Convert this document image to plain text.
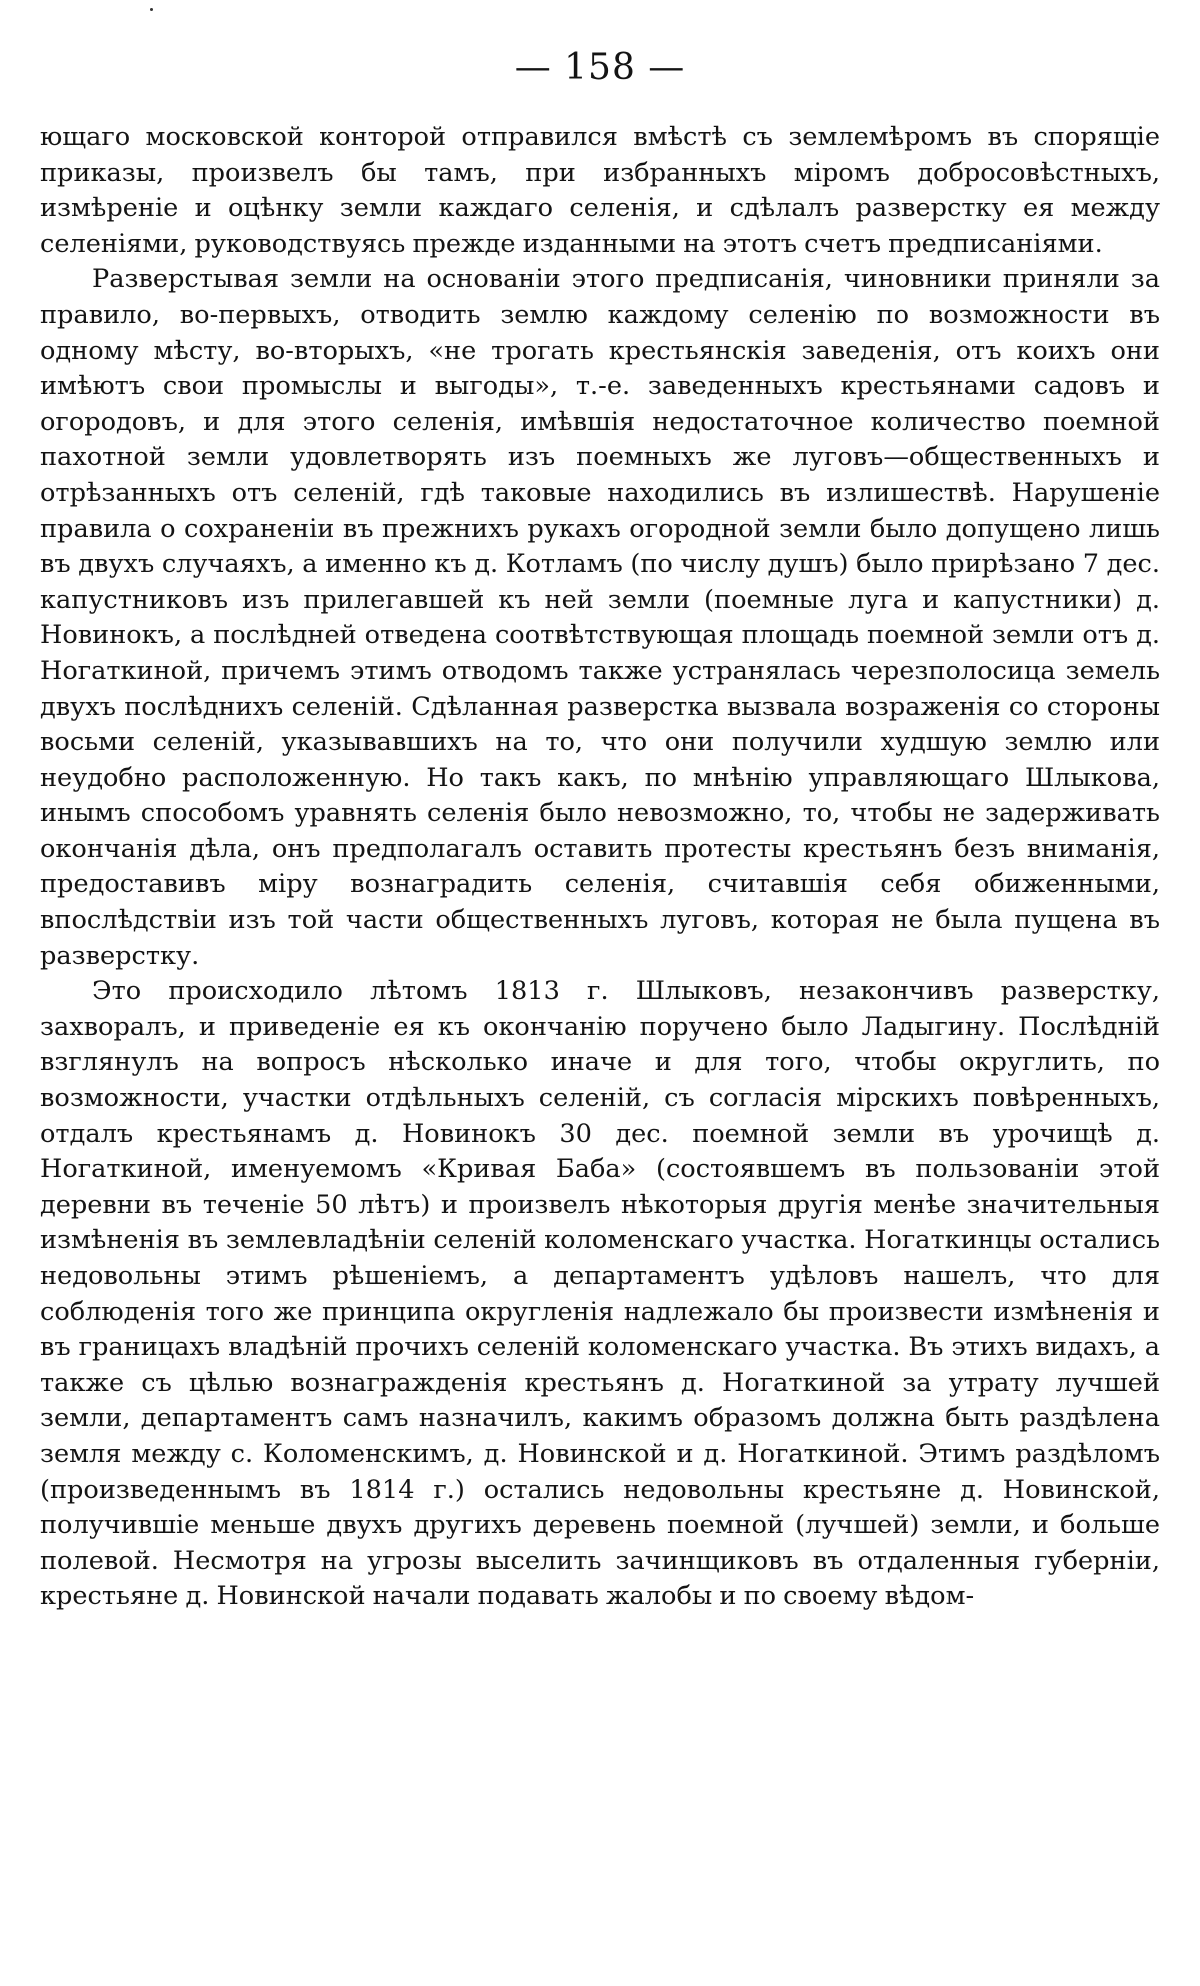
— 158 —

ющаго московской конторой отправился вмѣстѣ съ землемѣромъ въ спорящіе приказы, произвелъ бы тамъ, при избранныхъ міромъ добросовѣстныхъ, измѣреніе и оцѣнку земли каждаго селенія, и сдѣлалъ разверстку ея между селеніями, руководствуясь прежде изданными на этотъ счетъ предписаніями.

Разверстывая земли на основаніи этого предписанія, чиновники приняли за правило, во-первыхъ, отводить землю каждому селенію по возможности въ одному мѣсту, во-вторыхъ, «не трогать крестьянскія заведенія, отъ коихъ они имѣютъ свои промыслы и выгоды», т.-е. заведенныхъ крестьянами садовъ и огородовъ, и для этого селенія, имѣвшія недостаточное количество поемной пахотной земли удовлетворять изъ поемныхъ же луговъ—общественныхъ и отрѣзанныхъ отъ селеній, гдѣ таковые находились въ излишествѣ. Нарушеніе правила о сохраненіи въ прежнихъ рукахъ огородной земли было допущено лишь въ двухъ случаяхъ, а именно къ д. Котламъ (по числу душъ) было прирѣзано 7 дес. капустниковъ изъ прилегавшей къ ней земли (поемные луга и капустники) д. Новинокъ, а послѣдней отведена соотвѣтствующая площадь поемной земли отъ д. Ногаткиной, причемъ этимъ отводомъ также устранялась черезполосица земель двухъ послѣднихъ селеній. Сдѣланная разверстка вызвала возраженія со стороны восьми селеній, указывавшихъ на то, что они получили худшую землю или неудобно расположенную. Но такъ какъ, по мнѣнію управляющаго Шлыкова, инымъ способомъ уравнять селенія было невозможно, то, чтобы не задерживать окончанія дѣла, онъ предполагалъ оставить протесты крестьянъ безъ вниманія, предоставивъ міру вознаградить селенія, считавшія себя обиженными, впослѣдствіи изъ той части общественныхъ луговъ, которая не была пущена въ разверстку.

Это происходило лѣтомъ 1813 г. Шлыковъ, незакончивъ разверстку, захворалъ, и приведеніе ея къ окончанію поручено было Ладыгину. Послѣдній взглянулъ на вопросъ нѣсколько иначе и для того, чтобы округлить, по возможности, участки отдѣльныхъ селеній, съ согласія мірскихъ повѣренныхъ, отдалъ крестьянамъ д. Новинокъ 30 дес. поемной земли въ урочищѣ д. Ногаткиной, именуемомъ «Кривая Баба» (состоявшемъ въ пользованіи этой деревни въ теченіе 50 лѣтъ) и произвелъ нѣкоторыя другія менѣе значительныя измѣненія въ землевладѣніи селеній коломенскаго участка. Ногаткинцы остались недовольны этимъ рѣшеніемъ, а департаментъ удѣловъ нашелъ, что для соблюденія того же принципа округленія надлежало бы произвести измѣненія и въ границахъ владѣній прочихъ селеній коломенскаго участка. Въ этихъ видахъ, а также съ цѣлью вознагражденія крестьянъ д. Ногаткиной за утрату лучшей земли, департаментъ самъ назначилъ, какимъ образомъ должна быть раздѣлена земля между с. Коломенскимъ, д. Новинской и д. Ногаткиной. Этимъ раздѣломъ (произведеннымъ въ 1814 г.) остались недовольны крестьяне д. Новинской, получившіе меньше двухъ другихъ деревень поемной (лучшей) земли, и больше полевой. Несмотря на угрозы выселить зачинщиковъ въ отдаленныя губерніи, крестьяне д. Новинской начали подавать жалобы и по своему вѣдом-
